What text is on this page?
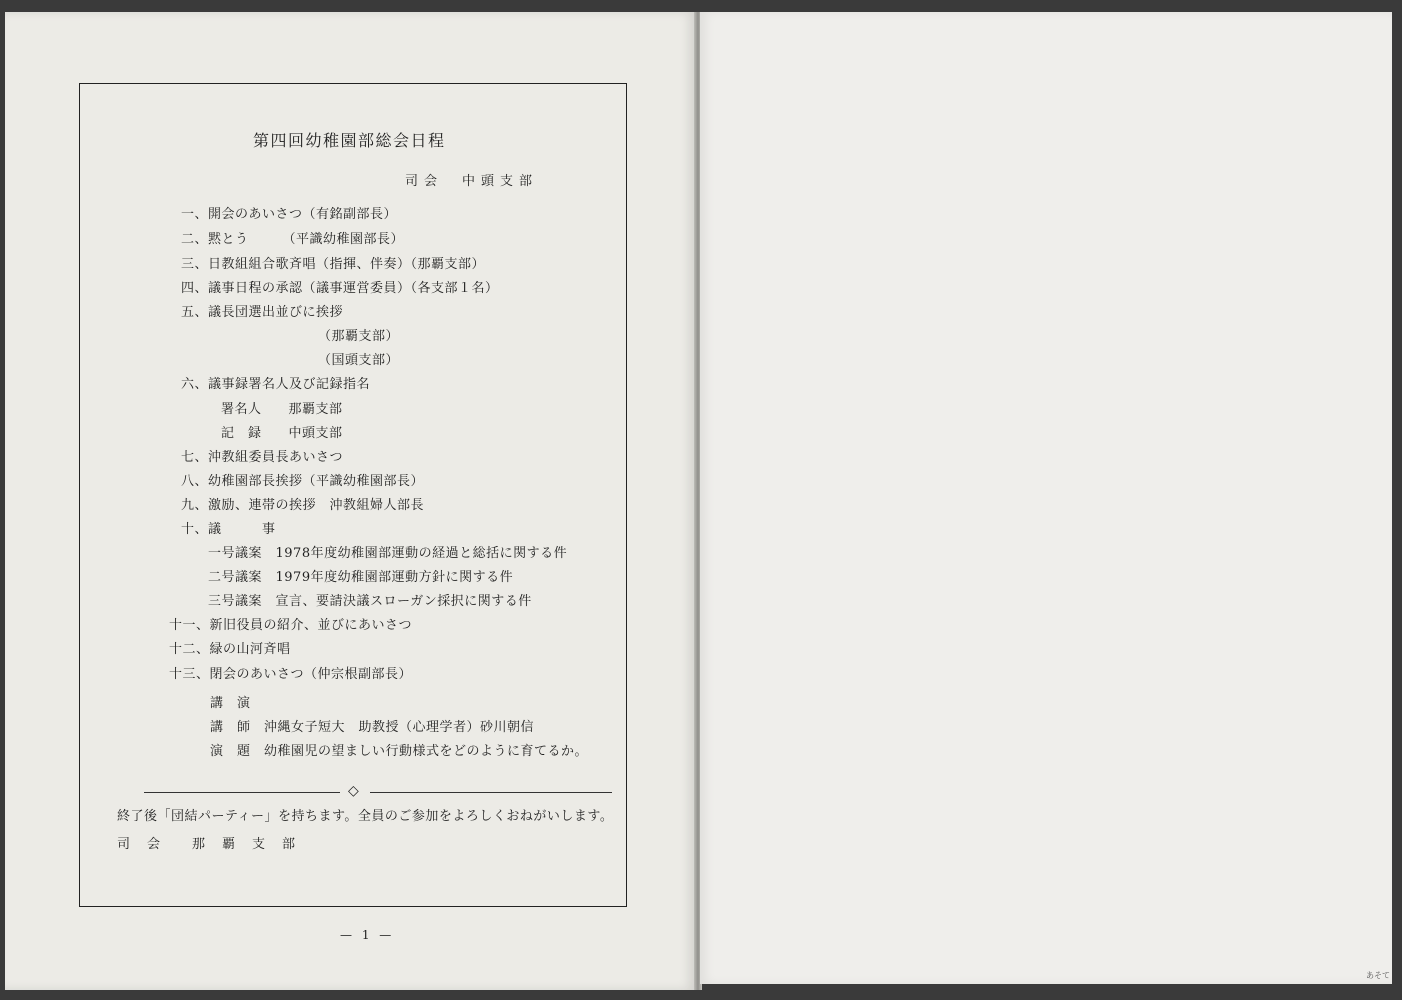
第四回幼稚園部総会日程
司会　中頭支部
一、開会のあいさつ（有銘副部長）
二、黙とう　　　（平識幼稚園部長）
三、日教組組合歌斉唱（指揮、伴奏）（那覇支部）
四、議事日程の承認（議事運営委員）（各支部１名）
五、議長団選出並びに挨拶
（那覇支部）
（国頭支部）
六、議事録署名人及び記録指名
署名人　　那覇支部
記　録　　中頭支部
七、沖教組委員長あいさつ
八、幼稚園部長挨拶（平識幼稚園部長）
九、激励、連帯の挨拶　沖教組婦人部長
十、議　　　事
一号議案　1978年度幼稚園部運動の経過と総括に関する件
二号議案　1979年度幼稚園部運動方針に関する件
三号議案　宣言、要請決議スローガン採択に関する件
十一、新旧役員の紹介、並びにあいさつ
十二、緑の山河斉唱
十三、閉会のあいさつ（仲宗根副部長）
講　演
講　師　沖縄女子短大　助教授（心理学者）砂川朝信
演　題　幼稚園児の望ましい行動様式をどのように育てるか。
◇
終了後「団結パーティー」を持ちます。全員のご参加をよろしくおねがいします。
司　会　　那　覇　支　部
— 1 —
あそて
